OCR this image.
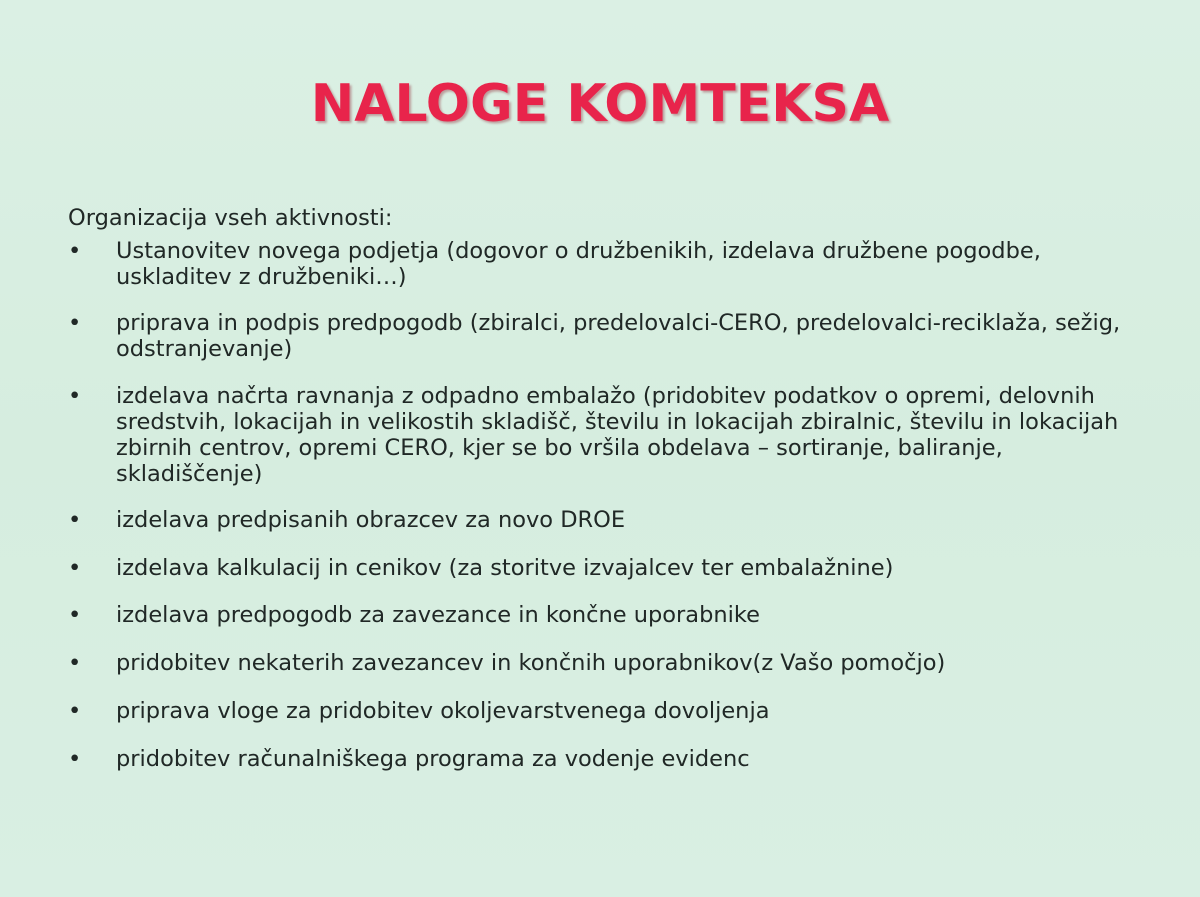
NALOGE KOMTEKSA
Organizacija vseh aktivnosti:
• Ustanovitev novega podjetja (dogovor o družbenikih, izdelava družbene pogodbe, uskladitev z družbeniki…)
• priprava in podpis predpogodb (zbiralci, predelovalci-CERO, predelovalci-reciklaža, sežig, odstranjevanje)
• izdelava načrta ravnanja z odpadno embalažo (pridobitev podatkov o opremi, delovnih sredstvih, lokacijah in velikostih skladišč, številu in lokacijah zbiralnic, številu in lokacijah zbirnih centrov, opremi CERO, kjer se bo vršila obdelava – sortiranje, baliranje, skladiščenje)
• izdelava predpisanih obrazcev za novo DROE
• izdelava kalkulacij in cenikov (za storitve izvajalcev ter embalažnine)
• izdelava predpogodb za zavezance in končne uporabnike
• pridobitev nekaterih zavezancev in končnih uporabnikov(z Vašo pomočjo)
• priprava vloge za pridobitev okoljevarstvenega dovoljenja
• pridobitev računalniškega programa za vodenje evidenc
